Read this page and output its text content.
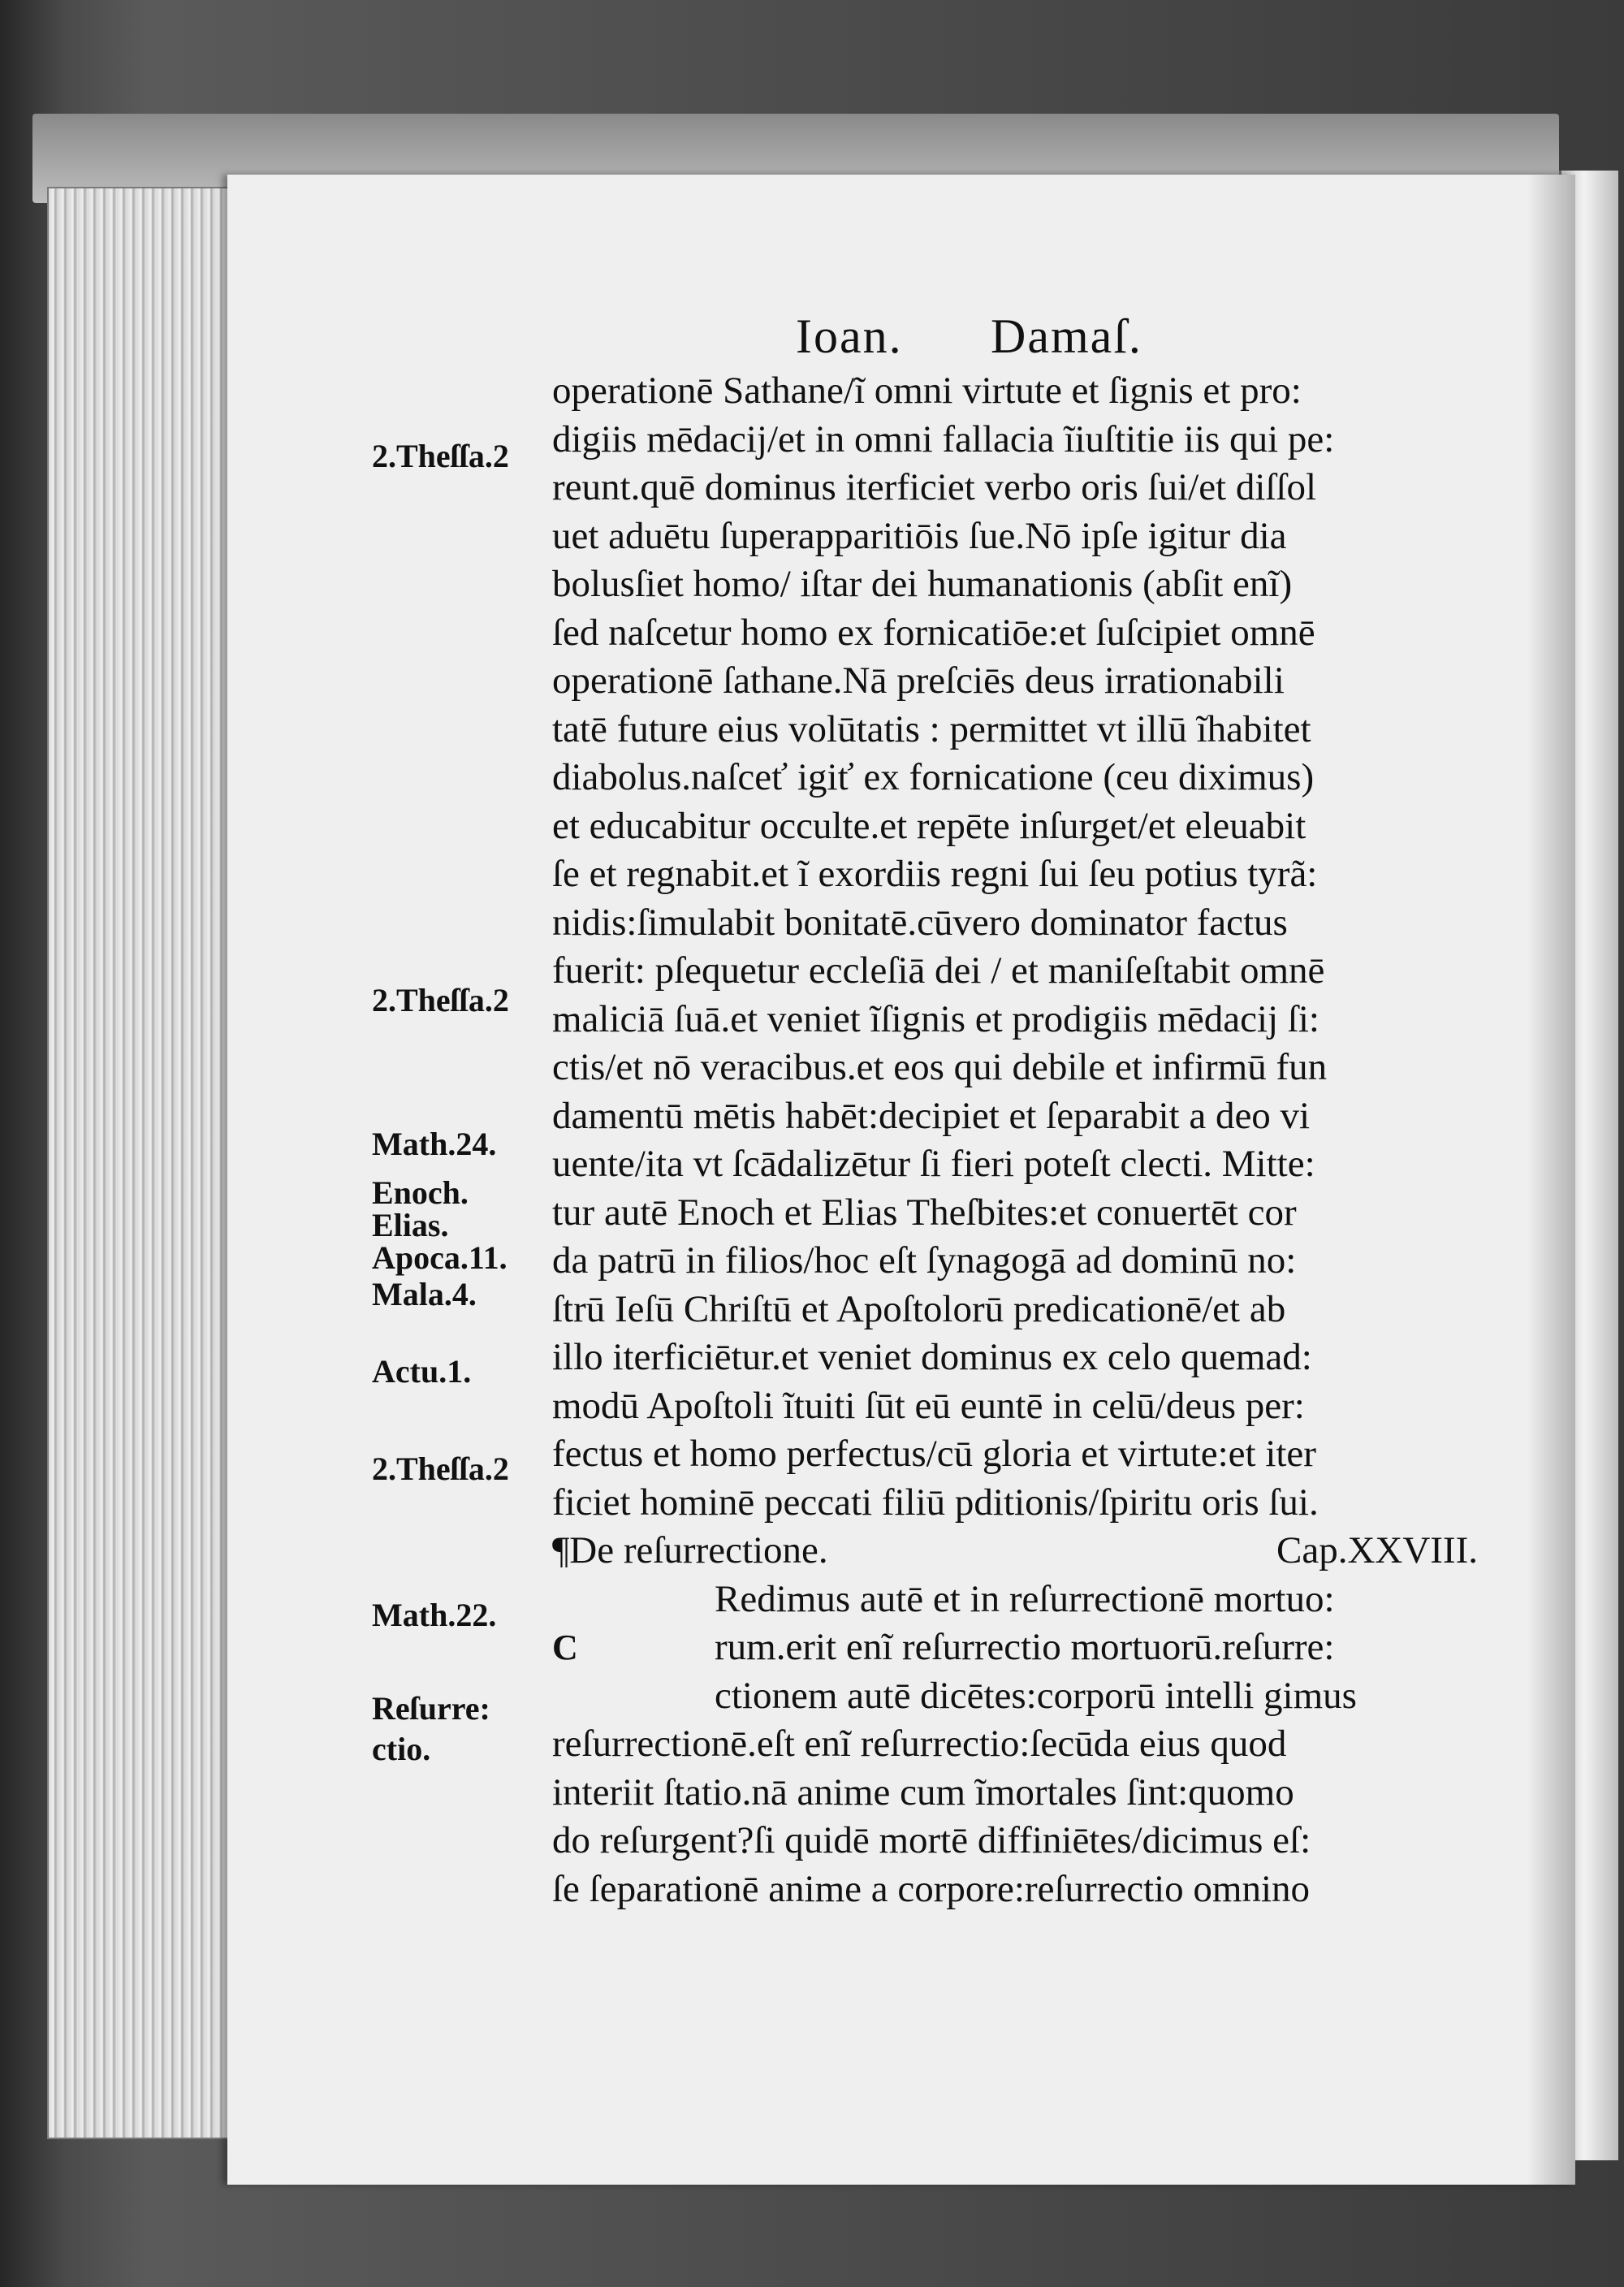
Ioan. Damaſ.
2.Theſſa.2
2.Theſſa.2
Math.24.
Enoch.
Elias.
Apoca.11.
Mala.4.
Actu.1.
2.Theſſa.2
Math.22.
Reſurre:
ctio.
operationē Sathane/ĩ omni virtute et ſignis et pro:
digiis mēdacij/et in omni fallacia ĩiuſtitie iis qui pe:
reunt.quē dominus iterficiet verbo oris ſui/et diſſol
uet aduētu ſuperapparitiōis ſue.Nō ipſe igitur dia
bolusſiet homo/ iſtar dei humanationis (abſit enĩ)
ſed naſcetur homo ex fornicatiōe:et ſuſcipiet omnē
operationē ſathane.Nā preſciēs deus irrationabili
tatē future eius volūtatis : permittet vt illū ĩhabitet
diabolus.naſceť igiť ex fornicatione (ceu diximus)
et educabitur occulte.et repēte inſurget/et eleuabit
ſe et regnabit.et ĩ exordiis regni ſui ſeu potius tyrã:
nidis:ſimulabit bonitatē.cūvero dominator factus
fuerit: pſequetur eccleſiā dei / et maniſeſtabit omnē
maliciā ſuā.et veniet ĩſignis et prodigiis mēdacij ſi:
ctis/et nō veracibus.et eos qui debile et infirmū fun
damentū mētis habēt:decipiet et ſeparabit a deo vi
uente/ita vt ſcādalizētur ſi fieri poteſt clecti. Mitte:
tur autē Enoch et Elias Theſbites:et conuertēt cor
da patrū in filios/hoc eſt ſynagogā ad dominū no:
ſtrū Ieſū Chriſtū et Apoſtolorū predicationē/et ab
illo iterficiētur.et veniet dominus ex celo quemad:
modū Apoſtoli ĩtuiti ſūt eū euntē in celū/deus per:
fectus et homo perfectus/cū gloria et virtute:et iter
ficiet hominē peccati filiū pditionis/ſpiritu oris ſui.
¶De reſurrectione.	Cap.XXVIII.
Redimus autē et in reſurrectionē mortuo:
C	rum.erit enĩ reſurrectio mortuorū.reſurre:
ctionem autē dicētes:corporū intelli gimus
reſurrectionē.eſt enĩ reſurrectio:ſecūda eius quod
interiit ſtatio.nā anime cum ĩmortales ſint:quomo
do reſurgent?ſi quidē mortē diffiniētes/dicimus eſ:
ſe ſeparationē anime a corpore:reſurrectio omnino
